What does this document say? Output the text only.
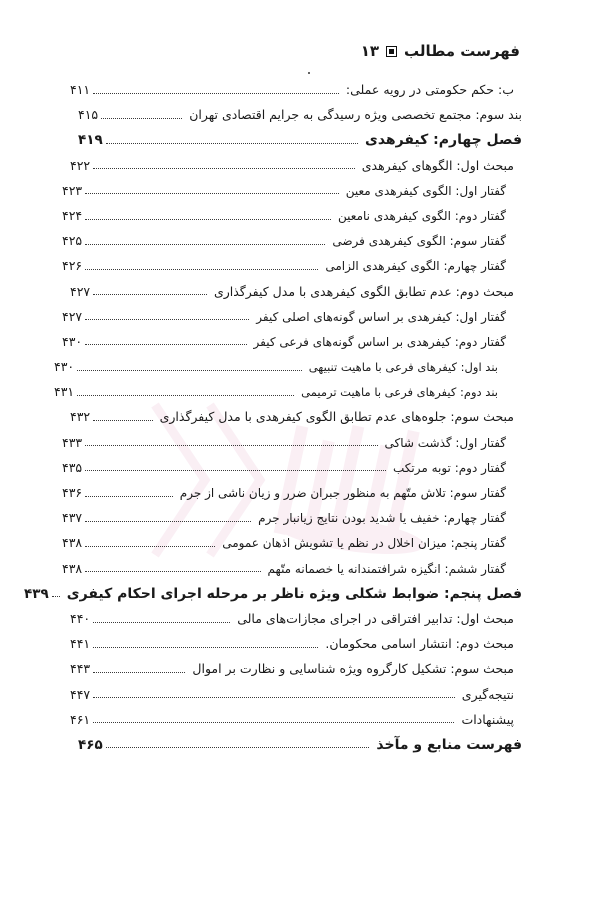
فهرست مطالب
۱۳
ب: حکم حکومتی در رویه عملی:
۴۱۱
بند سوم: مجتمع تخصصی ویژه رسیدگی به جرایم اقتصادی تهران
۴۱۵
فصل چهارم: کیفرهدی
۴۱۹
مبحث اول: الگوهای کیفرهدی
۴۲۲
گفتار اول: الگوی کیفرهدی معین
۴۲۳
گفتار دوم: الگوی کیفرهدی نامعین
۴۲۴
گفتار سوم: الگوی کیفرهدی فرضی
۴۲۵
گفتار چهارم: الگوی کیفرهدی الزامی
۴۲۶
مبحث دوم: عدم تطابق الگوی کیفرهدی با مدل کیفرگذاری
۴۲۷
گفتار اول: کیفرهدی بر اساس گونه‌های اصلی کیفر
۴۲۷
گفتار دوم: کیفرهدی بر اساس گونه‌های فرعی کیفر
۴۳۰
بند اول: کیفرهای فرعی با ماهیت تنبیهی
۴۳۰
بند دوم: کیفرهای فرعی با ماهیت ترمیمی
۴۳۱
مبحث سوم: جلوه‌های عدم تطابق الگوی کیفرهدی با مدل کیفرگذاری
۴۳۲
گفتار اول: گذشت شاکی
۴۳۳
گفتار دوم: توبه مرتکب
۴۳۵
گفتار سوم: تلاش متّهم به منظور جبران ضرر و زیان ناشی از جرم
۴۳۶
گفتار چهارم: خفیف یا شدید بودن نتایج زیانبار جرم
۴۳۷
گفتار پنجم: میزان اخلال در نظم یا تشویش اذهان عمومی
۴۳۸
گفتار ششم: انگیزه شرافتمندانه یا خصمانه متّهم
۴۳۸
فصل پنجم: ضوابط شکلی ویژه ناظر بر مرحله اجرای احکام کیفری
۴۳۹
مبحث اول: تدابیر افتراقی در اجرای مجازات‌های مالی
۴۴۰
مبحث دوم: انتشار اسامی محکومان.
۴۴۱
مبحث سوم: تشکیل کارگروه ویژه شناسایی و نظارت بر اموال
۴۴۳
نتیجه‌گیری
۴۴۷
پیشنهادات
۴۶۱
فهرست منابع و مآخذ
۴۶۵
